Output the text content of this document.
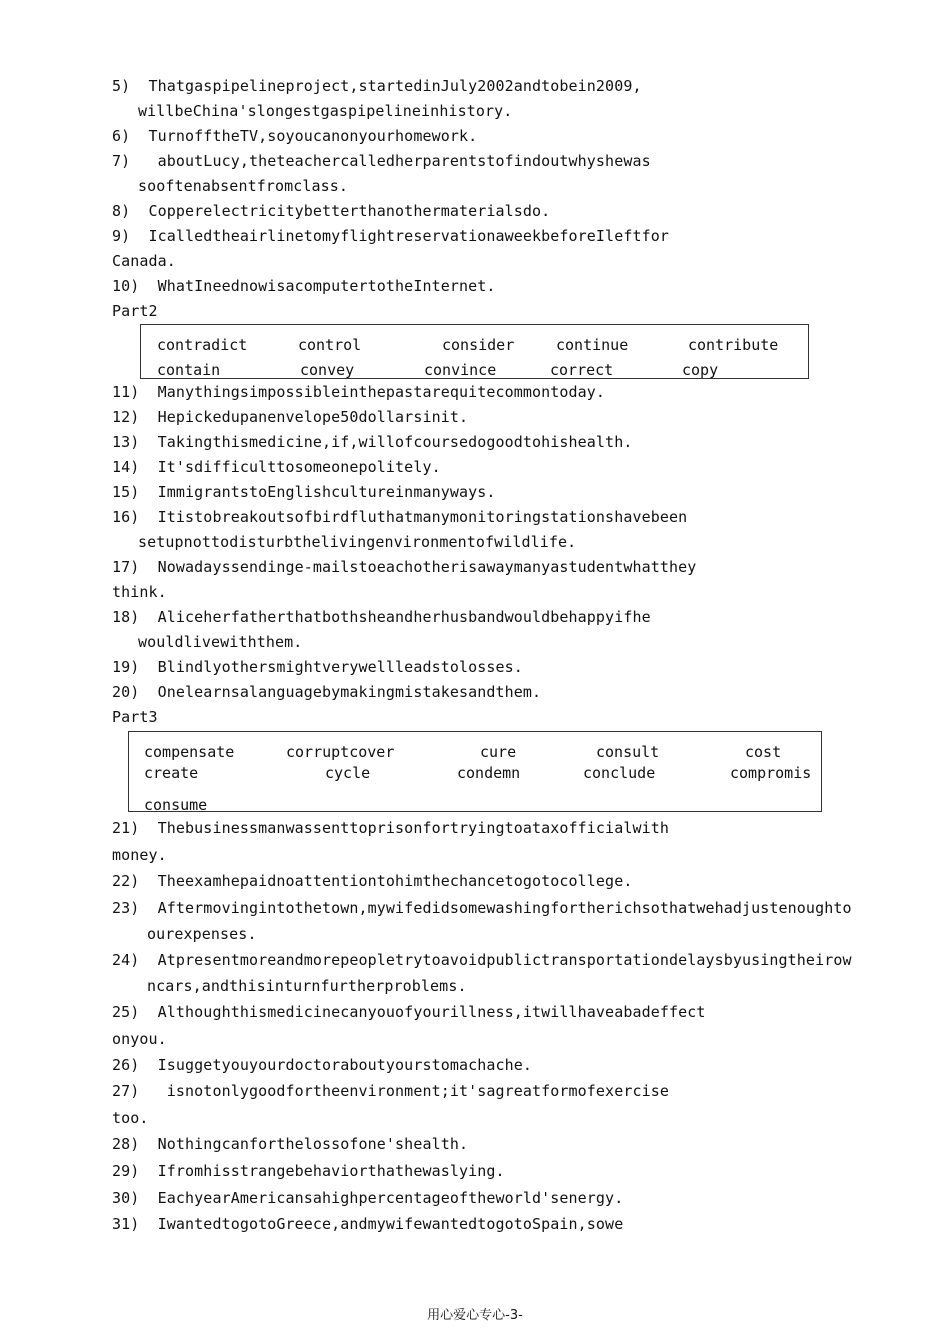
5)  Thatgaspipelineproject,startedinJuly2002andtobein2009,
willbeChina'slongestgaspipelineinhistory.
6)  TurnofftheTV,soyoucanonyourhomework.
7)   aboutLucy,theteachercalledherparentstofindoutwhyshewas
sooftenabsentfromclass.
8)  Copperelectricitybetterthanothermaterialsdo.
9)  IcalledtheairlinetomyflightreservationaweekbeforeIleftfor
Canada.
10)  WhatIneednowisacomputertotheInternet.
Part2
contradict	control	consider	continue	contribute
contain	convey	convince	correct	copy
11)  Manythingsimpossibleinthepastarequitecommontoday.
12)  Hepickedupanenvelope50dollarsinit.
13)  Takingthismedicine,if,willofcoursedogoodtohishealth.
14)  It'sdifficulttosomeonepolitely.
15)  ImmigrantstoEnglishcultureinmanyways.
16)  Itistobreakoutsofbirdfluthatmanymonitoringstationshavebeen
setupnottodisturbthelivingenvironmentofwildlife.
17)  Nowadayssendinge-mailstoeachotherisawaymanyastudentwhatthey
think.
18)  Aliceherfatherthatbothsheandherhusbandwouldbehappyifhe
wouldlivewiththem.
19)  Blindlyothersmightverywellleadstolosses.
20)  Onelearnsalanguagebymakingmistakesandthem.
Part3
compensate	corruptcover	cure	consult	cost
create	cycle	condemn	conclude	compromis
consume
21)  Thebusinessmanwassenttoprisonfortryingtoataxofficialwith
money.
22)  Theexamhepaidnoattentiontohimthechancetogotocollege.
23)  Aftermovingintothetown,mywifedidsomewashingfortherichsothatwehadjustenoughto
ourexpenses.
24)  Atpresentmoreandmorepeopletrytoavoidpublictransportationdelaysbyusingtheirow
ncars,andthisinturnfurtherproblems.
25)  Althoughthismedicinecanyouofyourillness,itwillhaveabadeffect
onyou.
26)  Isuggetyouyourdoctoraboutyourstomachache.
27)   isnotonlygoodfortheenvironment;it'sagreatformofexercise
too.
28)  Nothingcanforthelossofone'shealth.
29)  Ifromhisstrangebehaviorthathewaslying.
30)  EachyearAmericansahighpercentageoftheworld'senergy.
31)  IwantedtogotoGreece,andmywifewantedtogotoSpain,sowe
用心爱心专心-3-
